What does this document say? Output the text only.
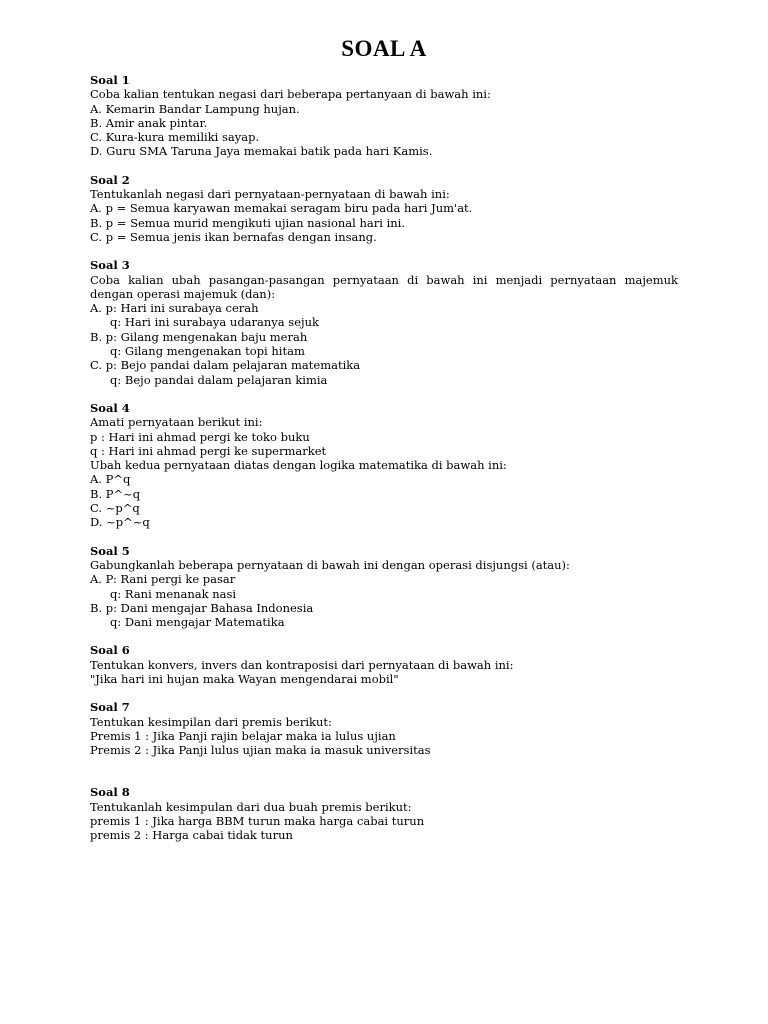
SOAL A
Soal 1
Coba kalian tentukan negasi dari beberapa pertanyaan di bawah ini:
A. Kemarin Bandar Lampung hujan.
B. Amir anak pintar.
C. Kura-kura memiliki sayap.
D. Guru SMA Taruna Jaya memakai batik pada hari Kamis.
Soal 2
Tentukanlah negasi dari pernyataan-pernyataan di bawah ini:
A. p = Semua karyawan memakai seragam biru pada hari Jum'at.
B. p = Semua murid mengikuti ujian nasional hari ini.
C. p = Semua jenis ikan bernafas dengan insang.
Soal 3
Coba kalian ubah pasangan-pasangan pernyataan di bawah ini menjadi pernyataan majemuk dengan operasi majemuk (dan):
A. p: Hari ini surabaya cerah
q: Hari ini surabaya udaranya sejuk
B. p: Gilang mengenakan baju merah
q: Gilang mengenakan topi hitam
C. p: Bejo pandai dalam pelajaran matematika
q: Bejo pandai dalam pelajaran kimia
Soal 4
Amati pernyataan berikut ini:
p : Hari ini ahmad pergi ke toko buku
q : Hari ini ahmad pergi ke supermarket
Ubah kedua pernyataan diatas dengan logika matematika di bawah ini:
A. P^q
B. P^~q
C. ~p^q
D. ~p^~q
Soal 5
Gabungkanlah beberapa pernyataan di bawah ini dengan operasi disjungsi (atau):
A. P: Rani pergi ke pasar
q: Rani menanak nasi
B. p: Dani mengajar Bahasa Indonesia
q: Dani mengajar Matematika
Soal 6
Tentukan konvers, invers dan kontraposisi dari pernyataan di bawah ini:
"Jika hari ini hujan maka Wayan mengendarai mobil"
Soal 7
Tentukan kesimpilan dari premis berikut:
Premis 1 : Jika Panji rajin belajar maka ia lulus ujian
Premis 2 : Jika Panji lulus ujian maka ia masuk universitas
Soal 8
Tentukanlah kesimpulan dari dua buah premis berikut:
premis 1 : Jika harga BBM turun maka harga cabai turun
premis 2 : Harga cabai tidak turun
